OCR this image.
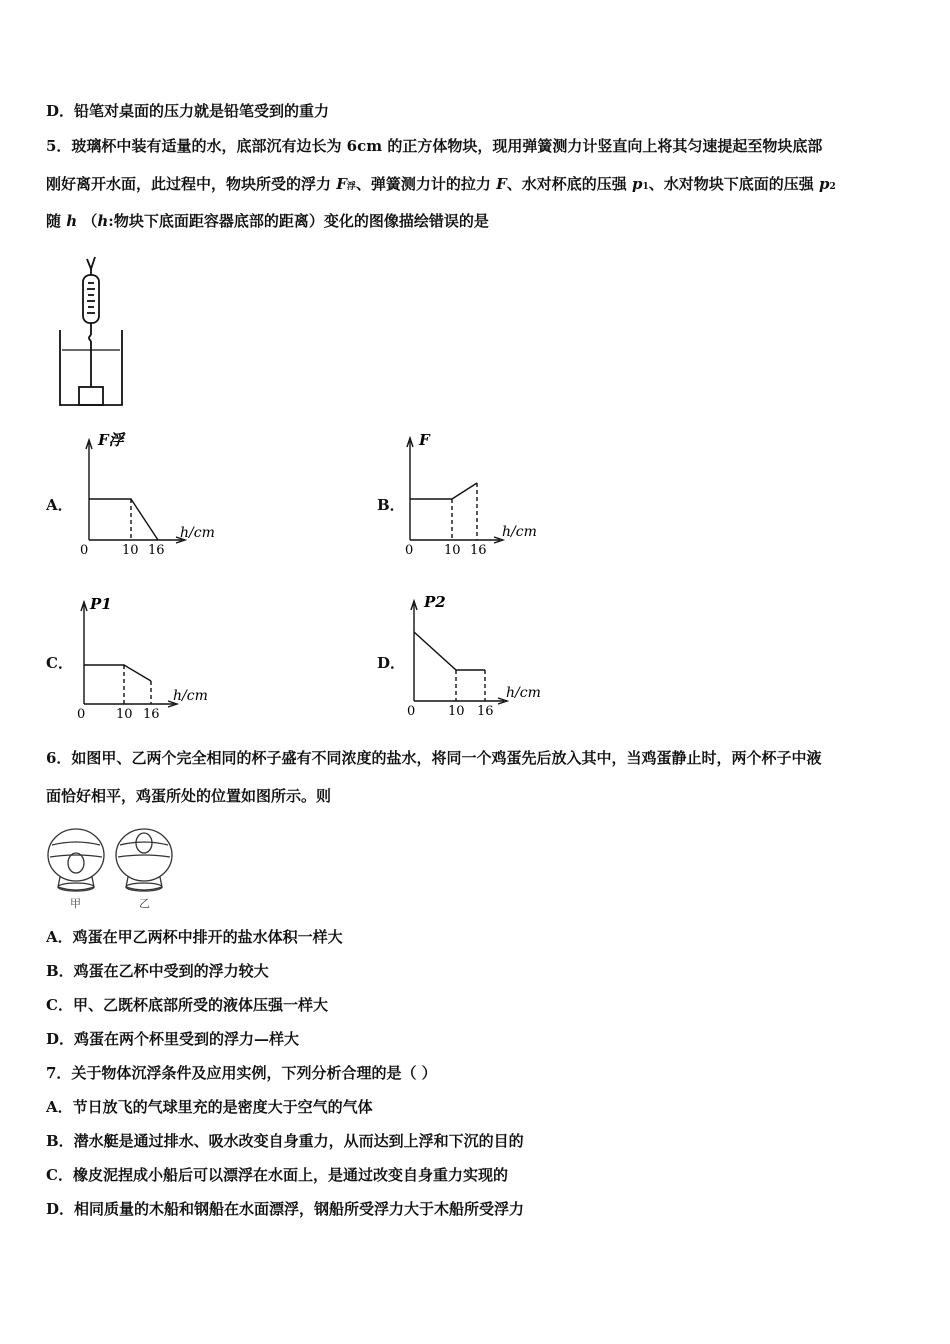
D．铅笔对桌面的压力就是铅笔受到的重力
5．玻璃杯中装有适量的水，底部沉有边长为 6cm 的正方体物块，现用弹簧测力计竖直向上将其匀速提起至物块底部
刚好离开水面，此过程中，物块所受的浮力 F浮、弹簧测力计的拉力 F、水对杯底的压强 p1、水对物块下底面的压强 p2
随 h （h:物块下底面距容器底部的距离）变化的图像描绘错误的是
A．
F浮
h/cm
0	10 16
B．
F
h/cm
0 10 16
C．
P1
h/cm
0 10 16
D．
P2
h/cm
0	10 16
6．如图甲、乙两个完全相同的杯子盛有不同浓度的盐水，将同一个鸡蛋先后放入其中，当鸡蛋静止时，两个杯子中液
面恰好相平，鸡蛋所处的位置如图所示。则
甲	乙
A．鸡蛋在甲乙两杯中排开的盐水体积一样大
B．鸡蛋在乙杯中受到的浮力较大
C．甲、乙既杯底部所受的液体压强一样大
D．鸡蛋在两个杯里受到的浮力—样大
7．关于物体沉浮条件及应用实例，下列分析合理的是（ ）
A．节日放飞的气球里充的是密度大于空气的气体
B．潜水艇是通过排水、吸水改变自身重力，从而达到上浮和下沉的目的
C．橡皮泥捏成小船后可以漂浮在水面上，是通过改变自身重力实现的
D．相同质量的木船和钢船在水面漂浮，钢船所受浮力大于木船所受浮力
